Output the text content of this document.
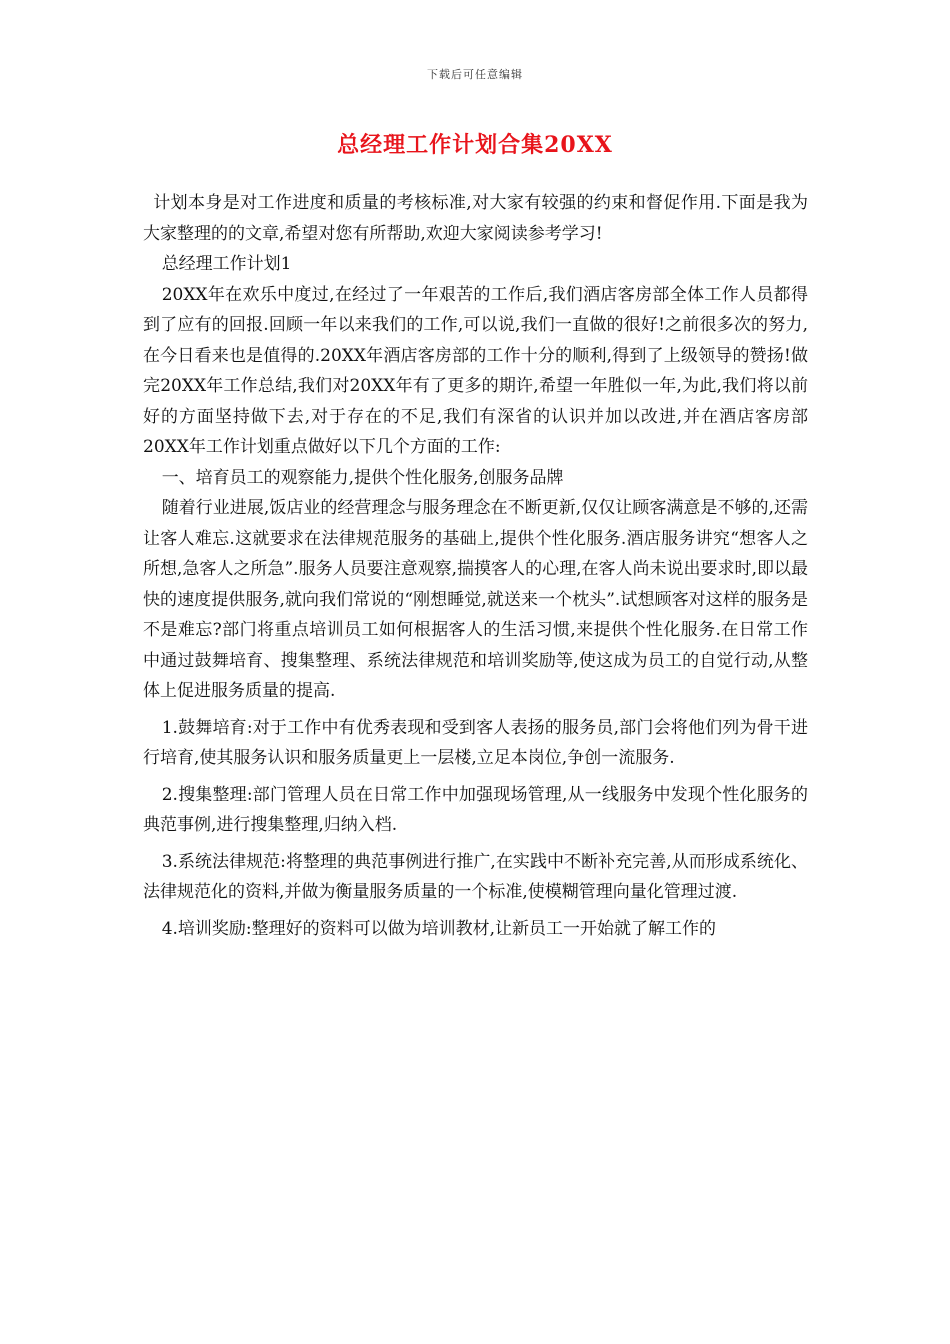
下载后可任意编辑
总经理工作计划合集20XX

计划本身是对工作进度和质量的考核标准,对大家有较强的约束和督促作用.下面是我为大家整理的的文章,希望对您有所帮助,欢迎大家阅读参考学习!

总经理工作计划1

20XX年在欢乐中度过,在经过了一年艰苦的工作后,我们酒店客房部全体工作人员都得到了应有的回报.回顾一年以来我们的工作,可以说,我们一直做的很好!之前很多次的努力,在今日看来也是值得的.20XX年酒店客房部的工作十分的顺利,得到了上级领导的赞扬!做完20XX年工作总结,我们对20XX年有了更多的期许,希望一年胜似一年,为此,我们将以前好的方面坚持做下去,对于存在的不足,我们有深省的认识并加以改进,并在酒店客房部20XX年工作计划重点做好以下几个方面的工作:

一、培育员工的观察能力,提供个性化服务,创服务品牌

随着行业进展,饭店业的经营理念与服务理念在不断更新,仅仅让顾客满意是不够的,还需让客人难忘.这就要求在法律规范服务的基础上,提供个性化服务.酒店服务讲究“想客人之所想,急客人之所急”.服务人员要注意观察,揣摸客人的心理,在客人尚未说出要求时,即以最快的速度提供服务,就向我们常说的“刚想睡觉,就送来一个枕头”.试想顾客对这样的服务是不是难忘?部门将重点培训员工如何根据客人的生活习惯,来提供个性化服务.在日常工作中通过鼓舞培育、搜集整理、系统法律规范和培训奖励等,使这成为员工的自觉行动,从整体上促进服务质量的提高.

1.鼓舞培育:对于工作中有优秀表现和受到客人表扬的服务员,部门会将他们列为骨干进行培育,使其服务认识和服务质量更上一层楼,立足本岗位,争创一流服务.

2.搜集整理:部门管理人员在日常工作中加强现场管理,从一线服务中发现个性化服务的典范事例,进行搜集整理,归纳入档.

3.系统法律规范:将整理的典范事例进行推广,在实践中不断补充完善,从而形成系统化、法律规范化的资料,并做为衡量服务质量的一个标准,使模糊管理向量化管理过渡.

4.培训奖励:整理好的资料可以做为培训教材,让新员工一开始就了解工作的
